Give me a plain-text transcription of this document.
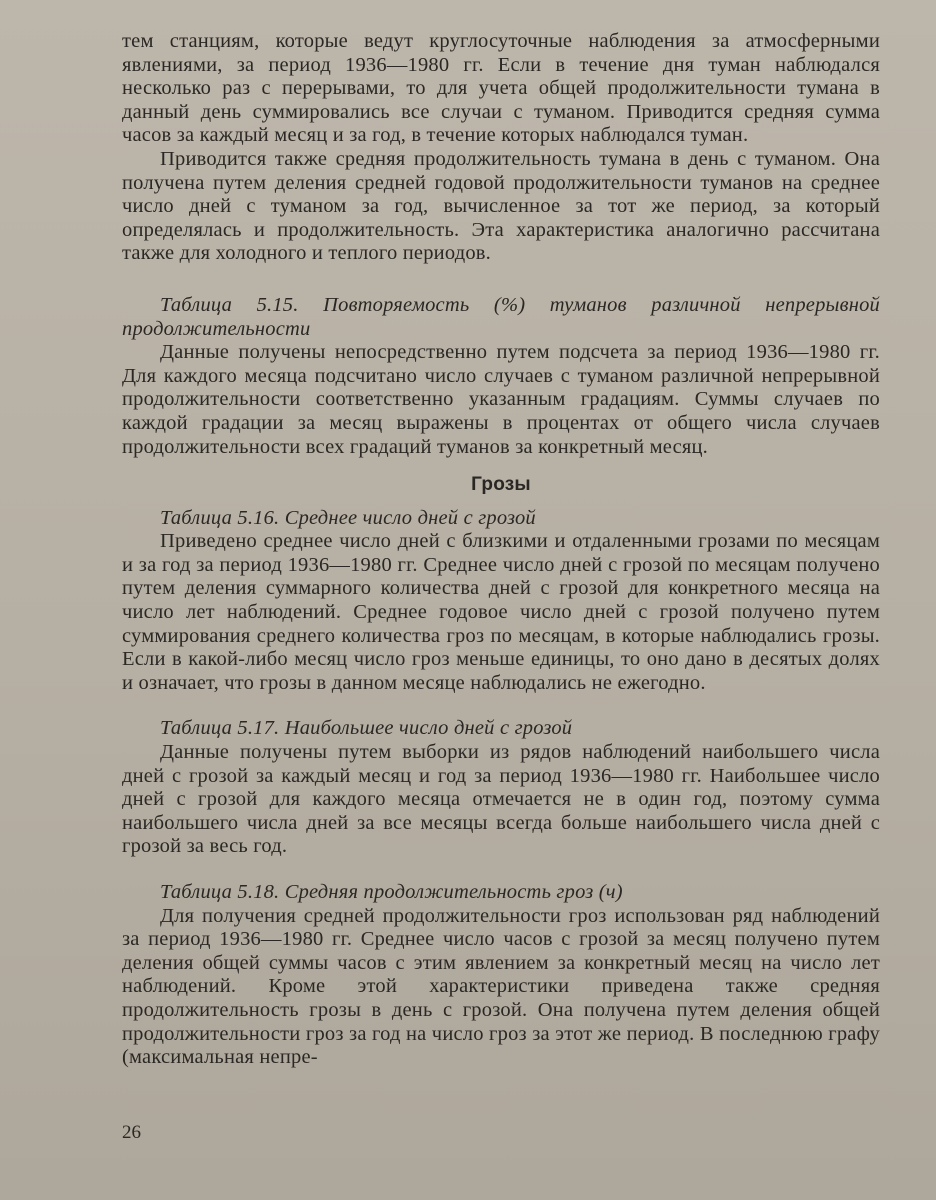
тем станциям, которые ведут круглосуточные наблюдения за атмосферными явлениями, за период 1936—1980 гг. Если в течение дня туман наблюдался несколько раз с перерывами, то для учета общей продолжительности тумана в данный день суммировались все случаи с туманом. Приводится средняя сумма часов за каждый месяц и за год, в течение которых наблюдался туман.

Приводится также средняя продолжительность тумана в день с туманом. Она получена путем деления средней годовой продолжительности туманов на среднее число дней с туманом за год, вычисленное за тот же период, за который определялась и продолжительность. Эта характеристика аналогично рассчитана также для холодного и теплого периодов.

Таблица 5.15. Повторяемость (%) туманов различной непрерывной продолжительности

Данные получены непосредственно путем подсчета за период 1936—1980 гг. Для каждого месяца подсчитано число случаев с туманом различной непрерывной продолжительности соответственно указанным градациям. Суммы случаев по каждой градации за месяц выражены в процентах от общего числа случаев продолжительности всех градаций туманов за конкретный месяц.

Грозы

Таблица 5.16. Среднее число дней с грозой

Приведено среднее число дней с близкими и отдаленными грозами по месяцам и за год за период 1936—1980 гг. Среднее число дней с грозой по месяцам получено путем деления суммарного количества дней с грозой для конкретного месяца на число лет наблюдений. Среднее годовое число дней с грозой получено путем суммирования среднего количества гроз по месяцам, в которые наблюдались грозы. Если в какой-либо месяц число гроз меньше единицы, то оно дано в десятых долях и означает, что грозы в данном месяце наблюдались не ежегодно.

Таблица 5.17. Наибольшее число дней с грозой

Данные получены путем выборки из рядов наблюдений наибольшего числа дней с грозой за каждый месяц и год за период 1936—1980 гг. Наибольшее число дней с грозой для каждого месяца отмечается не в один год, поэтому сумма наибольшего числа дней за все месяцы всегда больше наибольшего числа дней с грозой за весь год.

Таблица 5.18. Средняя продолжительность гроз (ч)

Для получения средней продолжительности гроз использован ряд наблюдений за период 1936—1980 гг. Среднее число часов с грозой за месяц получено путем деления общей суммы часов с этим явлением за конкретный месяц на число лет наблюдений. Кроме этой характеристики приведена также средняя продолжительность грозы в день с грозой. Она получена путем деления общей продолжительности гроз за год на число гроз за этот же период. В последнюю графу (максимальная непре-

26
